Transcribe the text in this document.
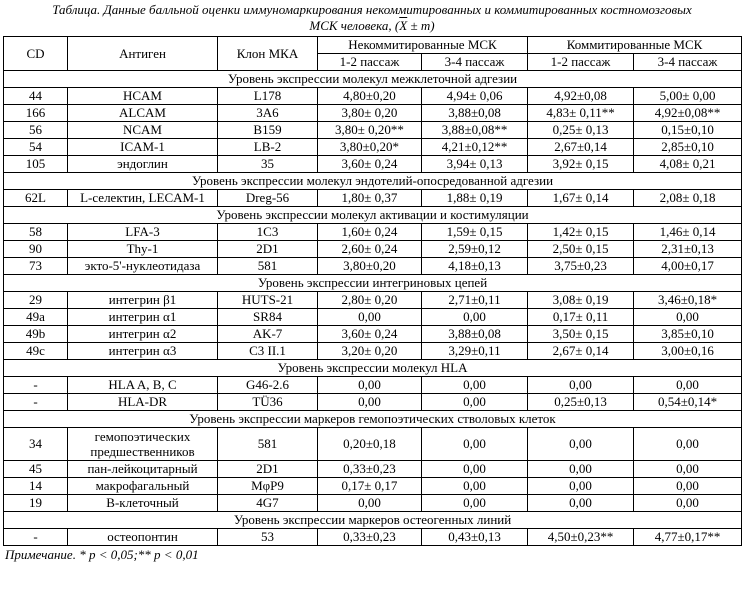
Таблица. Данные балльной оценки иммуномаркирования некоммитированных и коммитированных костномозговых
МСК человека, $(\overline{X} \pm m)$
CD	Антиген	Клон МКА	Некоммитированные МСК		Коммитированные МСК	
			1-2 пассаж	3-4 пассаж	1-2 пассаж	3-4 пассаж
Уровень экспрессии молекул межклеточной адгезии						
44	HCAM	L178	4,80±0,20	4,94± 0,06	4,92±0,08	5,00± 0,00
166	ALCAM	3A6	3,80± 0,20	3,88±0,08	4,83± 0,11**	4,92±0,08**
56	NCAM	B159	3,80± 0,20**	3,88±0,08**	0,25± 0,13	0,15±0,10
54	ICAM-1	LB-2	3,80±0,20*	4,21±0,12**	2,67±0,14	2,85±0,10
105	эндоглин	35	3,60± 0,24	3,94± 0,13	3,92± 0,15	4,08± 0,21
Уровень экспрессии молекул эндотелий-опосредованной адгезии						
62L	L-селектин, LECAM-1	Dreg-56	1,80± 0,37	1,88± 0,19	1,67± 0,14	2,08± 0,18
Уровень экспрессии молекул активации и костимуляции						
58	LFA-3	1C3	1,60± 0,24	1,59± 0,15	1,42± 0,15	1,46± 0,14
90	Thy-1	2D1	2,60± 0,24	2,59±0,12	2,50± 0,15	2,31±0,13
73	экто-5'-нуклеотидаза	581	3,80±0,20	4,18±0,13	3,75±0,23	4,00±0,17
Уровень экспрессии интегриновых цепей						
29	интегрин β1	HUTS-21	2,80± 0,20	2,71±0,11	3,08± 0,19	3,46±0,18*
49a	интегрин α1	SR84	0,00	0,00	0,17± 0,11	0,00
49b	интегрин α2	AK-7	3,60± 0,24	3,88±0,08	3,50± 0,15	3,85±0,10
49c	интегрин α3	C3 II.1	3,20± 0,20	3,29±0,11	2,67± 0,14	3,00±0,16
Уровень экспрессии молекул HLA						
-	HLA A, B, C	G46-2.6	0,00	0,00	0,00	0,00
-	HLA-DR	TÜ36	0,00	0,00	0,25±0,13	0,54±0,14*
Уровень экспрессии маркеров гемопоэтических стволовых клеток						
34	гемопоэтических предшественников	581	0,20±0,18	0,00	0,00	0,00
45	пан-лейкоцитарный	2D1	0,33±0,23	0,00	0,00	0,00
14	макрофагальный	MφP9	0,17± 0,17	0,00	0,00	0,00
19	B-клеточный	4G7	0,00	0,00	0,00	0,00
Уровень экспрессии маркеров остеогенных линий						
-	остеопонтин	53	0,33±0,23	0,43±0,13	4,50±0,23**	4,77±0,17**
Примечание. * p < 0,05;** p < 0,01
